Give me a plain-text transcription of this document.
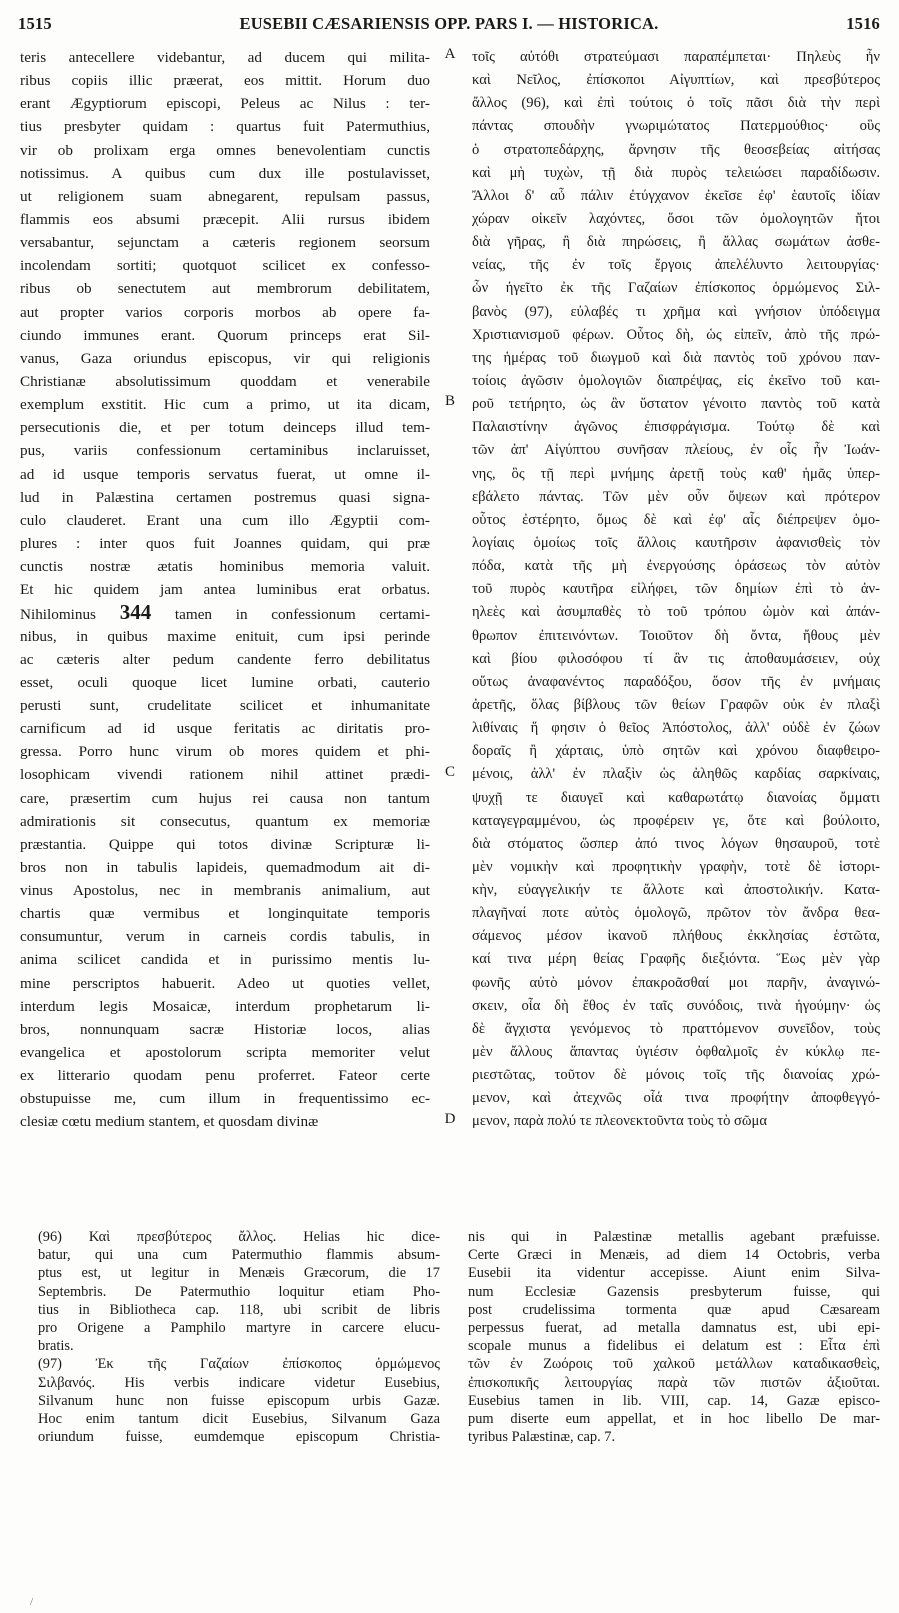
1515	EUSEBII CÆSARIENSIS OPP. PARS I. — HISTORICA.	1516
teris antecellere videbantur, ad ducem qui milita-
ribus copiis illic præerat, eos mittit. Horum duo
erant Ægyptiorum episcopi, Peleus ac Nilus : ter-
tius presbyter quidam : quartus fuit Patermuthius,
vir ob prolixam erga omnes benevolentiam cunctis
notissimus. A quibus cum dux ille postulavisset,
ut religionem suam abnegarent, repulsam passus,
flammis eos absumi præcepit. Alii rursus ibidem
versabantur, sejunctam a cæteris regionem seorsum
incolendam sortiti; quotquot scilicet ex confesso-
ribus ob senectutem aut membrorum debilitatem,
aut propter varios corporis morbos ab opere fa-
ciundo immunes erant. Quorum princeps erat Sil-
vanus, Gaza oriundus episcopus, vir qui religionis
Christianæ absolutissimum quoddam et venerabile
exemplum exstitit. Hic cum a primo, ut ita dicam,
persecutionis die, et per totum deinceps illud tem-
pus, variis confessionum certaminibus inclaruisset,
ad id usque temporis servatus fuerat, ut omne il-
lud in Palæstina certamen postremus quasi signa-
culo clauderet. Erant una cum illo Ægyptii com-
plures : inter quos fuit Joannes quidam, qui præ
cunctis nostræ ætatis hominibus memoria valuit.
Et hic quidem jam antea luminibus erat orbatus.
Nihilominus 344 tamen in confessionum certami-
nibus, in quibus maxime enituit, cum ipsi perinde
ac cæteris alter pedum candente ferro debilitatus
esset, oculi quoque licet lumine orbati, cauterio
perusti sunt, crudelitate scilicet et inhumanitate
carnificum ad id usque feritatis ac diritatis pro-
gressa. Porro hunc virum ob mores quidem et phi-
losophicam vivendi rationem nihil attinet prædi-
care, præsertim cum hujus rei causa non tantum
admirationis sit consecutus, quantum ex memoriæ
præstantia. Quippe qui totos divinæ Scripturæ li-
bros non in tabulis lapideis, quemadmodum ait di-
vinus Apostolus, nec in membranis animalium, aut
chartis quæ vermibus et longinquitate temporis
consumuntur, verum in carneis cordis tabulis, in
anima scilicet candida et in purissimo mentis lu-
mine perscriptos habuerit. Adeo ut quoties vellet,
interdum legis Mosaicæ, interdum prophetarum li-
bros, nonnunquam sacræ Historiæ locos, alias
evangelica et apostolorum scripta memoriter velut
ex litterario quodam penu proferret. Fateor certe
obstupuisse me, cum illum in frequentissimo ec-
clesiæ cœtu medium stantem, et quosdam divinæ
A
B
C
D
τοῖς αὐτόθι στρατεύμασι παραπέμπεται· Πηλεὺς ἦν
καὶ Νεῖλος, ἐπίσκοποι Αἰγυπτίων, καὶ πρεσβύτερος
ἄλλος (96), καὶ ἐπὶ τούτοις ὁ τοῖς πᾶσι διὰ τὴν περὶ
πάντας σπουδὴν γνωριμώτατος Πατερμούθιος· οὓς
ὁ στρατοπεδάρχης, ἄρνησιν τῆς θεοσεβείας αἰτήσας
καὶ μὴ τυχὼν, τῇ διὰ πυρὸς τελειώσει παραδίδωσιν.
Ἄλλοι δ' αὖ πάλιν ἐτύγχανον ἐκεῖσε ἐφ' ἑαυτοῖς ἰδίαν
χώραν οἰκεῖν λαχόντες, ὅσοι τῶν ὁμολογητῶν ἤτοι
διὰ γῆρας, ἢ διὰ πηρώσεις, ἢ ἄλλας σωμάτων ἀσθε-
νείας, τῆς ἐν τοῖς ἔργοις ἀπελέλυντο λειτουργίας·
ὧν ἡγεῖτο ἐκ τῆς Γαζαίων ἐπίσκοπος ὁρμώμενος Σιλ-
βανὸς (97), εὐλαβές τι χρῆμα καὶ γνήσιον ὑπόδειγμα
Χριστιανισμοῦ φέρων. Οὗτος δὴ, ὡς εἰπεῖν, ἀπὸ τῆς πρώ-
της ἡμέρας τοῦ διωγμοῦ καὶ διὰ παντὸς τοῦ χρόνου παν-
τοίοις ἀγῶσιν ὁμολογιῶν διαπρέψας, εἰς ἐκεῖνο τοῦ και-
ροῦ τετήρητο, ὡς ἂν ὕστατον γένοιτο παντὸς τοῦ κατὰ
Παλαιστίνην ἀγῶνος ἐπισφράγισμα. Τούτῳ δὲ καὶ
τῶν ἀπ' Αἰγύπτου συνῆσαν πλείους, ἐν οἷς ἦν Ἰωάν-
νης, ὃς τῇ περὶ μνήμης ἀρετῇ τοὺς καθ' ἡμᾶς ὑπερ-
εβάλετο πάντας. Τῶν μὲν οὖν ὄψεων καὶ πρότερον
οὗτος ἐστέρητο, ὅμως δὲ καὶ ἐφ' αἷς διέπρεψεν ὁμο-
λογίαις ὁμοίως τοῖς ἄλλοις καυτῆρσιν ἀφανισθεὶς τὸν
πόδα, κατὰ τῆς μὴ ἐνεργούσης ὁράσεως τὸν αὐτὸν
τοῦ πυρὸς καυτῆρα εἰλήφει, τῶν δημίων ἐπὶ τὸ ἀν-
ηλεὲς καὶ ἀσυμπαθὲς τὸ τοῦ τρόπου ὠμὸν καὶ ἀπάν-
θρωπον ἐπιτεινόντων. Τοιοῦτον δὴ ὄντα, ἤθους μὲν
καὶ βίου φιλοσόφου τί ἂν τις ἀποθαυμάσειεν, οὐχ
οὕτως ἀναφανέντος παραδόξου, ὅσον τῆς ἐν μνήμαις
ἀρετῆς, ὅλας βίβλους τῶν θείων Γραφῶν οὐκ ἐν πλαξὶ
λιθίναις ἥ φησιν ὁ θεῖος Ἀπόστολος, ἀλλ' οὐδὲ ἐν ζώων
δοραῖς ἢ χάρταις, ὑπὸ σητῶν καὶ χρόνου διαφθειρο-
μένοις, ἀλλ' ἐν πλαξὶν ὡς ἀληθῶς καρδίας σαρκίναις,
ψυχῇ τε διαυγεῖ καὶ καθαρωτάτῳ διανοίας ὄμματι
καταγεγραμμένου, ὡς προφέρειν γε, ὅτε καὶ βούλοιτο,
διὰ στόματος ὥσπερ ἀπό τινος λόγων θησαυροῦ, τοτὲ
μὲν νομικὴν καὶ προφητικὴν γραφὴν, τοτὲ δὲ ἱστορι-
κὴν, εὐαγγελικήν τε ἄλλοτε καὶ ἀποστολικήν. Κατα-
πλαγῆναί ποτε αὐτὸς ὁμολογῶ, πρῶτον τὸν ἄνδρα θεα-
σάμενος μέσον ἱκανοῦ πλήθους ἐκκλησίας ἑστῶτα,
καί τινα μέρη θείας Γραφῆς διεξιόντα. Ἕως μὲν γὰρ
φωνῆς αὐτὸ μόνον ἐπακροᾶσθαί μοι παρῆν, ἀναγινώ-
σκειν, οἷα δὴ ἔθος ἐν ταῖς συνόδοις, τινὰ ἡγούμην· ὡς
δὲ ἄγχιστα γενόμενος τὸ πραττόμενον συνεῖδον, τοὺς
μὲν ἄλλους ἅπαντας ὑγιέσιν ὀφθαλμοῖς ἐν κύκλῳ πε-
ριεστῶτας, τοῦτον δὲ μόνοις τοῖς τῆς διανοίας χρώ-
μενον, καὶ ἀτεχνῶς οἷά τινα προφήτην ἀποφθεγγό-
μενον, παρὰ πολύ τε πλεονεκτοῦντα τοὺς τὸ σῶμα
(96) Καὶ πρεσβύτερος ἄλλος. Helias hic dice-
batur, qui una cum Patermuthio flammis absum-
ptus est, ut legitur in Menæis Græcorum, die 17
Septembris. De Patermuthio loquitur etiam Pho-
tius in Bibliotheca cap. 118, ubi scribit de libris
pro Origene a Pamphilo martyre in carcere elucu-
bratis.
(97) Ἐκ τῆς Γαζαίων ἐπίσκοπος ὁρμώμενος
Σιλβανός. His verbis indicare videtur Eusebius,
Silvanum hunc non fuisse episcopum urbis Gazæ.
Hoc enim tantum dicit Eusebius, Silvanum Gaza
oriundum fuisse, eumdemque episcopum Christia-
nis qui in Palæstinæ metallis agebant præfuisse.
Certe Græci in Menæis, ad diem 14 Octobris, verba
Eusebii ita videntur accepisse. Aiunt enim Silva-
num Ecclesiæ Gazensis presbyterum fuisse, qui
post crudelissima tormenta quæ apud Cæsaream
perpessus fuerat, ad metalla damnatus est, ubi epi-
scopale munus a fidelibus ei delatum est : Εἶτα ἐπὶ
τῶν ἐν Ζωόροις τοῦ χαλκοῦ μετάλλων καταδικασθεὶς,
ἐπισκοπικῆς λειτουργίας παρὰ τῶν πιστῶν ἀξιοῦται.
Eusebius tamen in lib. VIII, cap. 14, Gazæ episco-
pum diserte eum appellat, et in hoc libello De mar-
tyribus Palæstinæ, cap. 7.
/
